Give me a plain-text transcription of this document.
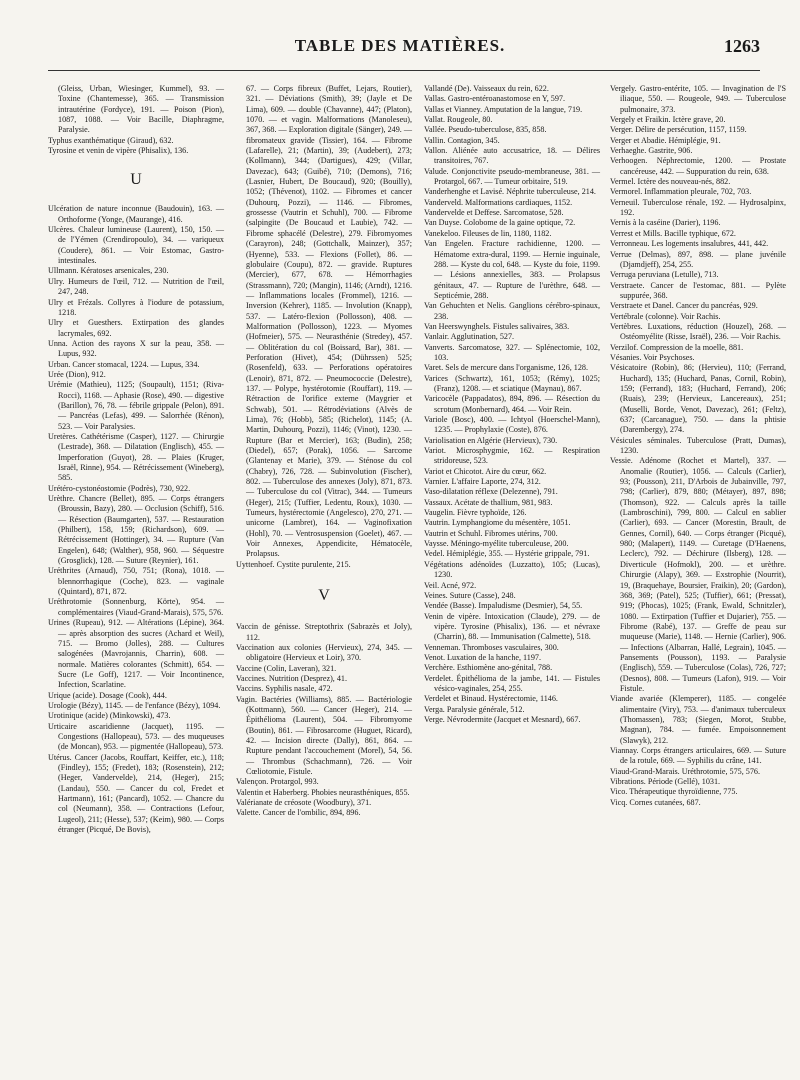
TABLE DES MATIÈRES.	1263

(Gleiss, Urban, Wiesinger, Kummel), 93. — Toxine (Chantemesse), 365. — Transmission intrautérine (Fordyce), 191. — Poison (Pion), 1087, 1088. — Voir Bacille, Diaphragme, Paralysie.

Typhus exanthématique (Giraud), 632.

Tyrosine et venin de vipère (Phisalix), 136.

U

Ulcération de nature inconnue (Baudouin), 163. — Orthoforme (Yonge, (Maurange), 416.

Ulcères. Chaleur lumineuse (Laurent), 150, 150. — de l'Yémen (Crendiropoulo), 34. — variqueux (Coudere), 861. — Voir Estomac, Gastro-intestinales.

Ullmann. Kératoses arsenicales, 230.

Ulry. Humeurs de l'œil, 712. — Nutrition de l'œil, 247, 248.

Ulry et Frézals. Collyres à l'iodure de potassium, 1218.

Ulry et Guesthers. Extirpation des glandes lacrymales, 692.

Unna. Action des rayons X sur la peau, 358. — Lupus, 932.

Urban. Cancer stomacal, 1224. — Lupus, 334.

Urée (Dion), 912.

Urémie (Mathieu), 1125; (Soupault), 1151; (Riva-Rocci), 1168. — Aphasie (Rose), 490. — digestive (Barillon), 76, 78. — fébrile grippale (Pelon), 891. — Pancréas (Lefas), 499. — Salorrhée (Rénon), 523. — Voir Paralysies.

Uretères. Cathétérisme (Casper), 1127. — Chirurgie (Lestrade), 368. — Dilatation (Englisch), 455. — Imperforation (Guyot), 28. — Plaies (Kruger, Israël, Rinne), 954. — Rétrécissement (Wineberg), 585.

Urétéro-cystonéostomie (Podrès), 730, 922.

Urèthre. Chancre (Bellet), 895. — Corps étrangers (Broussin, Bazy), 280. — Occlusion (Schiff), 516. — Résection (Baumgarten), 537. — Restauration (Philbert), 158, 159; (Richardson), 609. — Rétrécissement (Hottinger), 34. — Rupture (Van Engelen), 648; (Walther), 958, 960. — Séquestre (Grosglick), 128. — Suture (Reynier), 161.

Uréthrites (Arnaud), 750, 751; (Rona), 1018. — blennorrhagique (Coche), 823. — vaginale (Quintard), 871, 872.

Uréthrotomie (Sonnenburg, Körte), 954. — complémentaires (Viaud-Grand-Marais), 575, 576.

Urines (Rupeau), 912. — Altérations (Lépine), 364. — après absorption des sucres (Achard et Weil), 715. — Bromo (Jolles), 288. — Cultures salogénées (Mavrojannis, Charrin), 608. — normale. Matières colorantes (Schmitt), 654. — Sucre (Le Goff), 1217. — Voir Incontinence, Infection, Scarlatine.

Urique (acide). Dosage (Cook), 444.

Urologie (Bézy), 1145. — de l'enfance (Bézy), 1094.

Urotinique (acide) (Minkowski), 473.

Urticaire ascaridienne (Jacquet), 1195. — Congestions (Hallopeau), 573. — des muqueuses (de Moncan), 953. — pigmentée (Hallopeau), 573.

Utérus. Cancer (Jacobs, Rouffart, Keiffer, etc.), 118; (Findley), 155; (Fredet), 183; (Rosenstein), 212; (Heger, Vandervelde), 214, (Heger), 215; (Landau), 550. — Cancer du col, Fredet et Hartmann), 161; (Pancard), 1052. — Chancre du col (Neumann), 358. — Contractions (Lefour, Lugeol), 211; (Hesse), 537; (Keim), 980. — Corps étranger (Picqué, De Bovis),

67. — Corps fibreux (Buffet, Lejars, Routier), 321. — Déviations (Smith), 39; (Jayle et De Lima), 609. — double (Chavanne), 447; (Platon), 1070. — et vagin. Malformations (Manoleseu), 367, 368. — Exploration digitale (Sänger), 249. — fibromateux gravide (Tissier), 164. — Fibrome (Lafarelle), 21; (Martin), 39; (Audebert), 273; (Kollmann), 344; (Dartigues), 429; (Villar, Davezac), 643; (Guibé), 710; (Demons), 716; (Lasnier, Hubert, De Boucaud), 920; (Bouilly), 1052; (Thévenot), 1102. — Fibromes et cancer (Duhourq, Pozzi), — 1146. — Fibromes, grossesse (Vautrin et Schuhl), 700. — Fibrome (salpingite (De Boucaud et Laubie), 742. — Fibrome sphacélé (Delestre), 279. Fibromyomes (Carayron), 248; (Gottchalk, Mainzer), 357; (Hyenne), 533. — Flexions (Follet), 86. — globulaire (Coupu), 872. — gravide. Ruptures (Mercier), 677, 678. — Hémorrhagies (Strassmann), 720; (Mangin), 1146; (Arndt), 1216. — Inflammations locales (Frommel), 1216. — Inversion (Kehrer), 1185. — Involution (Knapp), 537. — Latéro-flexion (Pollosson), 408. — Malformation (Pollosson), 1223. — Myomes (Hofmeier), 575. — Neurasthénie (Stredey), 457. — Oblitération du col (Boissard, Bar), 381. — Perforation (Hivet), 454; (Dührssen) 525; (Rosenfeld), 633. — Perforations opératoires (Lenoir), 871, 872. — Pneumococcie (Delestre), 137. — Polype, hystérotomie (Rouffart), 119. — Rétraction de l'orifice externe (Maygrier et Schwab), 501. — Rétrodéviations (Alvès de Lima), 76; (Hobb), 585; (Richelot), 1145; (A. Martin, Duhourq, Pozzi), 1146; (Vinot), 1230. — Rupture (Bar et Mercier), 163; (Budin), 258; (Diedel), 657; (Porak), 1056. — Sarcome (Glantenay et Marie), 379. — Sténose du col (Chabry), 726, 728. — Subinvolution (Fischer), 802. — Tuberculose des annexes (Joly), 871, 873. — Tuberculose du col (Vitrac), 344. — Tumeurs (Heger), 215; (Tuffier, Ledentu, Roux), 1030. — Tumeurs, hystérectomie (Angelesco), 270, 271. — unicorne (Lambret), 164. — Vaginofixation (Hohl), 70. — Ventrosuspension (Goelet), 467. — Voir Annexes, Appendicite, Hématocèle, Prolapsus.

Uyttenhoef. Cystite purulente, 215.

V

Vaccin de génisse. Streptothrix (Sabrazès et Joly), 112.

Vaccination aux colonies (Hervieux), 274, 345. — obligatoire (Hervieux et Loir), 370.

Vaccine (Colin, Laveran), 321.

Vaccines. Nutrition (Desprez), 41.

Vaccins. Syphilis nasale, 472.

Vagin. Bactéries (Williams), 885. — Bactériologie (Kottmann), 560. — Cancer (Heger), 214. — Épithélioma (Laurent), 504. — Fibromyome (Boutin), 861. — Fibrosarcome (Huguet, Ricard), 42. — Incision directe (Dally), 861, 864. — Rupture pendant l'accouchement (Morel), 54, 56. — Thrombus (Schachmann), 726. — Voir Cœliotomie, Fistule.

Valençon. Protargol, 993.

Valentin et Haberberg. Phobies neurasthéniques, 855.

Valérianate de créosote (Woodbury), 371.

Valette. Cancer de l'ombilic, 894, 896.

Vallandé (De). Vaisseaux du rein, 622.

Vallas. Gastro-entéroanastomose en Y, 597.

Vallas et Vianney. Amputation de la langue, 719.

Vallat. Rougeole, 80.

Vallée. Pseudo-tuberculose, 835, 858.

Vallin. Contagion, 345.

Vallon. Aliénée auto accusatrice, 18. — Délires transitoires, 767.

Valude. Conjonctivite pseudo-membraneuse, 381. — Protargol, 667. — Tumeur orbitaire, 519.

Vanderhenghe et Lavisé. Néphrite tuberculeuse, 214.

Vanderveld. Malformations cardiaques, 1152.

Vandervelde et Deffese. Sarcomatose, 528.

Van Duyse. Colobome de la gaine optique, 72.

Vanekeloo. Fileuses de lin, 1180, 1182.

Van Engelen. Fracture rachidienne, 1200. — Hématome extra-dural, 1199. — Hernie inguinale, 288. — Kyste du col, 648. — Kyste du foie, 1199. — Lésions annexielles, 383. — Prolapsus génitaux, 47. — Rupture de l'urèthre, 648. — Septicémie, 288.

Van Gehuchten et Nelis. Ganglions cérébro-spinaux, 238.

Van Heerswynghels. Fistules salivaires, 383.

Vanlair. Agglutination, 527.

Vanverts. Sarcomatose, 327. — Splénectomie, 102, 103.

Varet. Sels de mercure dans l'organisme, 126, 128.

Varices (Schwartz), 161, 1053; (Rémy), 1025; (Franz), 1208. — et sciatique (Maynau), 867.

Varicocèle (Pappadatos), 894, 896. — Résection du scrotum (Monbernard), 464. — Voir Rein.

Variole (Bosc), 400. — Ichtyol (Hoerschel-Mann), 1235. — Prophylaxie (Coste), 876.

Variolisation en Algérie (Hervieux), 730.

Variot. Microsphygmie, 162. — Respiration stridoreuse, 523.

Variot et Chicotot. Aire du cœur, 662.

Varnier. L'affaire Laporte, 274, 312.

Vaso-dilatation réflexe (Delezenne), 791.

Vassaux. Acétate de thallium, 981, 983.

Vaugelin. Fièvre typhoïde, 126.

Vautrin. Lymphangiome du mésentère, 1051.

Vautrin et Schuhl. Fibromes utérins, 700.

Vaysse. Méningo-myélite tuberculeuse, 200.

Vedel. Hémiplégie, 355. — Hystérie grippale, 791.

Végétations adénoïdes (Luzzatto), 105; (Lucas), 1230.

Veil. Acné, 972.

Veines. Suture (Casse), 248.

Vendée (Basse). Impaludisme (Desmier), 54, 55.

Venin de vipère. Intoxication (Claude), 279. — de vipère. Tyrosine (Phisalix), 136. — et névraxe (Charrin), 88. — Immunisation (Calmette), 518.

Venneman. Thromboses vasculaires, 300.

Venot. Luxation de la hanche, 1197.

Verchère. Esthiomène ano-génital, 788.

Verdelet. Épithélioma de la jambe, 141. — Fistules vésico-vaginales, 254, 255.

Verdelet et Binaud. Hystérectomie, 1146.

Verga. Paralysie générale, 512.

Verge. Névrodermite (Jacquet et Mesnard), 667.

Vergely. Gastro-entérite, 105. — Invagination de l'S iliaque, 550. — Rougeole, 949. — Tuberculose pulmonaire, 373.

Vergely et Fraikin. Ictère grave, 20.

Verger. Délire de persécution, 1157, 1159.

Verger et Abadie. Hémiplégie, 91.

Verhaeghe. Gastrite, 906.

Verhoogen. Néphrectomie, 1200. — Prostate cancéreuse, 442. — Suppuration du rein, 638.

Vermel. Ictère des nouveau-nés, 882.

Vermorel. Inflammation pleurale, 702, 703.

Verneuil. Tuberculose rénale, 192. — Hydrosalpinx, 192.

Vernis à la caséine (Darier), 1196.

Verrest et Mills. Bacille typhique, 672.

Verronneau. Les logements insalubres, 441, 442.

Verrue (Delmas), 897, 898. — plane juvénile (Djamdjeff), 254, 255.

Verruga peruviana (Letulle), 713.

Verstraete. Cancer de l'estomac, 881. — Pylète suppurée, 368.

Verstraete et Danel. Cancer du pancréas, 929.

Vertébrale (colonne). Voir Rachis.

Vertèbres. Luxations, réduction (Houzel), 268. — Ostéomyélite (Risse, Israël), 236. — Voir Rachis.

Verzilof. Compression de la moelle, 881.

Vésanies. Voir Psychoses.

Vésicatoire (Robin), 86; (Hervieu), 110; (Ferrand, Huchard), 135; (Huchard, Panas, Cornil, Robin), 159; (Ferrand), 183; (Huchard, Ferrand), 206; (Ruais), 239; (Hervieux, Lancereaux), 251; (Muselli, Borde, Venot, Davezac), 261; (Feltz), 637; (Carcanague), 750. — dans la phtisie (Darembergy), 274.

Vésicules séminales. Tuberculose (Pratt, Dumas), 1230.

Vessie. Adénome (Rochet et Martel), 337. — Anomalie (Routier), 1056. — Calculs (Carlier), 93; (Pousson), 211, D'Arbois de Jubainville, 797, 798; (Carlier), 879, 880; (Métayer), 897, 898; (Thomson), 922. — Calculs après la taille (Lambroschini), 799, 800. — Calcul en sablier (Carlier), 693. — Cancer (Morestin, Brault, de Gennes, Cornil), 640. — Corps étranger (Picqué), 980; (Malapert), 1149. — Curetage (D'Haenens, Leclerc), 792. — Déchirure (Ilsberg), 128. — Diverticule (Hofmokl), 200. — et urèthre. Chirurgie (Alapy), 369. — Exstrophie (Nourrit), 19, (Braquehaye, Boursier, Fraikin), 20; (Gardon), 368, 369; (Patel), 525; (Tuffier), 661; (Pressat), 919; (Phocas), 1025; (Frank, Ewald, Schnitzler), 1080. — Extirpation (Tuffier et Dujarier), 755. — Fibrome (Rabé), 137. — Greffe de peau sur muqueuse (Marie), 1148. — Hernie (Carlier), 906. — Infections (Albarran, Hallé, Legrain), 1045. — Pansements (Pousson), 1193. — Paralysie (Englisch), 559. — Tuberculose (Colas), 726, 727; (Desnos), 808. — Tumeurs (Lafon), 919. — Voir Fistule.

Viande avariée (Klemperer), 1185. — congelée alimentaire (Viry), 753. — d'animaux tuberculeux (Thomassen), 783; (Siegen, Morot, Stubbe, Magnan), 784. — fumée. Empoisonnement (Slawyk), 212.

Viannay. Corps étrangers articulaires, 669. — Suture de la rotule, 669. — Syphilis du crâne, 141.

Viaud-Grand-Marais. Uréthrotomie, 575, 576.

Vibrations. Période (Gellé), 1031.

Vico. Thérapeutique thyroïdienne, 775.

Vicq. Cornes cutanées, 687.
